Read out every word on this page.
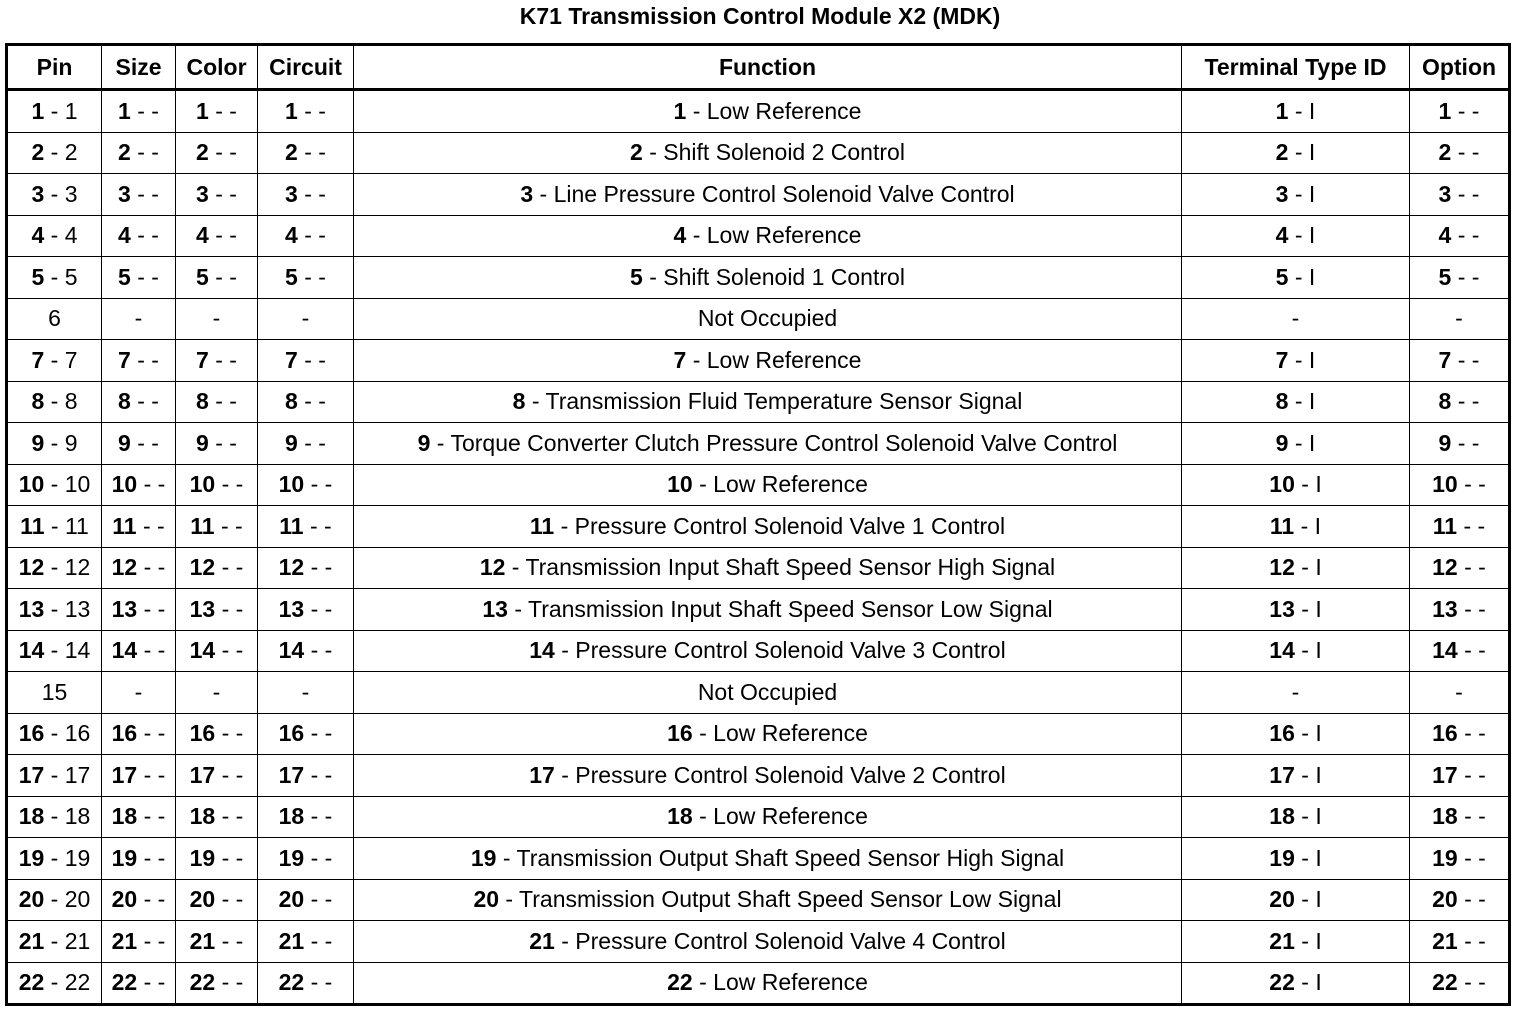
K71 Transmission Control Module X2 (MDK)
Pin	Size	Color	Circuit	Function	Terminal Type ID	Option
1 - 1	1 - -	1 - -	1 - -	1 - Low Reference	1 - I	1 - -
2 - 2	2 - -	2 - -	2 - -	2 - Shift Solenoid 2 Control	2 - I	2 - -
3 - 3	3 - -	3 - -	3 - -	3 - Line Pressure Control Solenoid Valve Control	3 - I	3 - -
4 - 4	4 - -	4 - -	4 - -	4 - Low Reference	4 - I	4 - -
5 - 5	5 - -	5 - -	5 - -	5 - Shift Solenoid 1 Control	5 - I	5 - -
6	-	-	-	Not Occupied	-	-
7 - 7	7 - -	7 - -	7 - -	7 - Low Reference	7 - I	7 - -
8 - 8	8 - -	8 - -	8 - -	8 - Transmission Fluid Temperature Sensor Signal	8 - I	8 - -
9 - 9	9 - -	9 - -	9 - -	9 - Torque Converter Clutch Pressure Control Solenoid Valve Control	9 - I	9 - -
10 - 10	10 - -	10 - -	10 - -	10 - Low Reference	10 - I	10 - -
11 - 11	11 - -	11 - -	11 - -	11 - Pressure Control Solenoid Valve 1 Control	11 - I	11 - -
12 - 12	12 - -	12 - -	12 - -	12 - Transmission Input Shaft Speed Sensor High Signal	12 - I	12 - -
13 - 13	13 - -	13 - -	13 - -	13 - Transmission Input Shaft Speed Sensor Low Signal	13 - I	13 - -
14 - 14	14 - -	14 - -	14 - -	14 - Pressure Control Solenoid Valve 3 Control	14 - I	14 - -
15	-	-	-	Not Occupied	-	-
16 - 16	16 - -	16 - -	16 - -	16 - Low Reference	16 - I	16 - -
17 - 17	17 - -	17 - -	17 - -	17 - Pressure Control Solenoid Valve 2 Control	17 - I	17 - -
18 - 18	18 - -	18 - -	18 - -	18 - Low Reference	18 - I	18 - -
19 - 19	19 - -	19 - -	19 - -	19 - Transmission Output Shaft Speed Sensor High Signal	19 - I	19 - -
20 - 20	20 - -	20 - -	20 - -	20 - Transmission Output Shaft Speed Sensor Low Signal	20 - I	20 - -
21 - 21	21 - -	21 - -	21 - -	21 - Pressure Control Solenoid Valve 4 Control	21 - I	21 - -
22 - 22	22 - -	22 - -	22 - -	22 - Low Reference	22 - I	22 - -
